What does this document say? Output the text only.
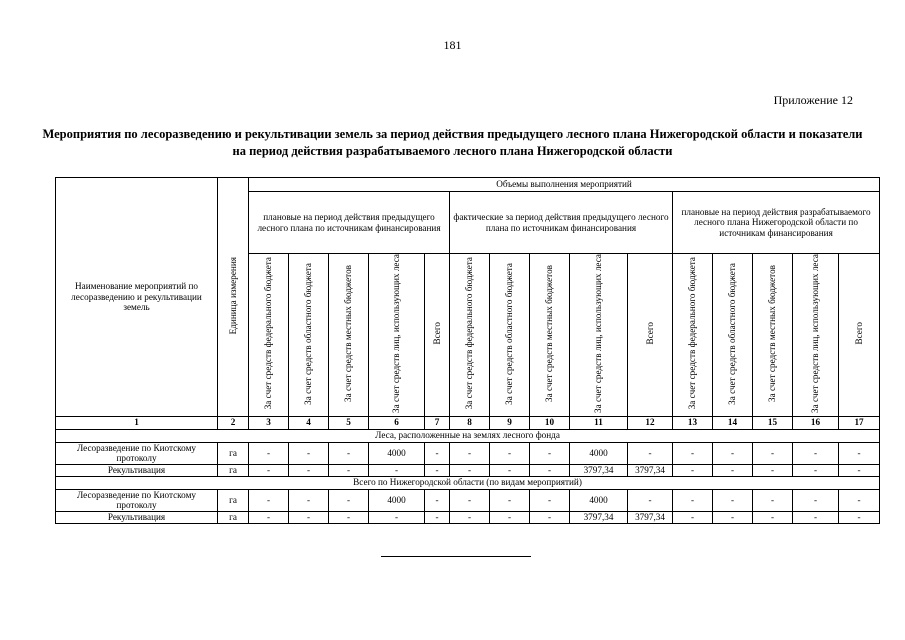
181
Приложение 12
Мероприятия по лесоразведению и рекультивации земель за период действия предыдущего лесного плана Нижегородской области и показатели на период действия разрабатываемого лесного плана Нижегородской области
Наименование мероприятий по лесоразведению и рекультивации земель	Единица измерения	Объемы выполнения мероприятий														
		плановые на период действия предыдущего лесного плана по источникам финансирования					фактические за период действия предыдущего лесного плана по источникам финансирования					плановые на период действия разрабатываемого лесного плана Нижегородской области по источникам финансирования				
		За счет средств федерального бюджета	За счет средств областного бюджета	За счет средств местных бюджетов	За счет средств лиц, использующих леса	Всего	За счет средств федерального бюджета	За счет средств областного бюджета	За счет средств местных бюджетов	За счет средств лиц, использующих леса	Всего	За счет средств федерального бюджета	За счет средств областного бюджета	За счет средств местных бюджетов	За счет средств лиц, использующих леса	Всего
1	2	3	4	5	6	7	8	9	10	11	12	13	14	15	16	17
Леса, расположенные на землях лесного фонда																
Лесоразведение по Киотскому протоколу	га	-	-	-	4000	-	-	-	-	4000	-	-	-	-	-	-
Рекультивация	га	-	-	-	-	-	-	-	-	3797,34	3797,34	-	-	-	-	-
Всего по Нижегородской области (по видам мероприятий)																
Лесоразведение по Киотскому протоколу	га	-	-	-	4000	-	-	-	-	4000	-	-	-	-	-	-
Рекультивация	га	-	-	-	-	-	-	-	-	3797,34	3797,34	-	-	-	-	-
